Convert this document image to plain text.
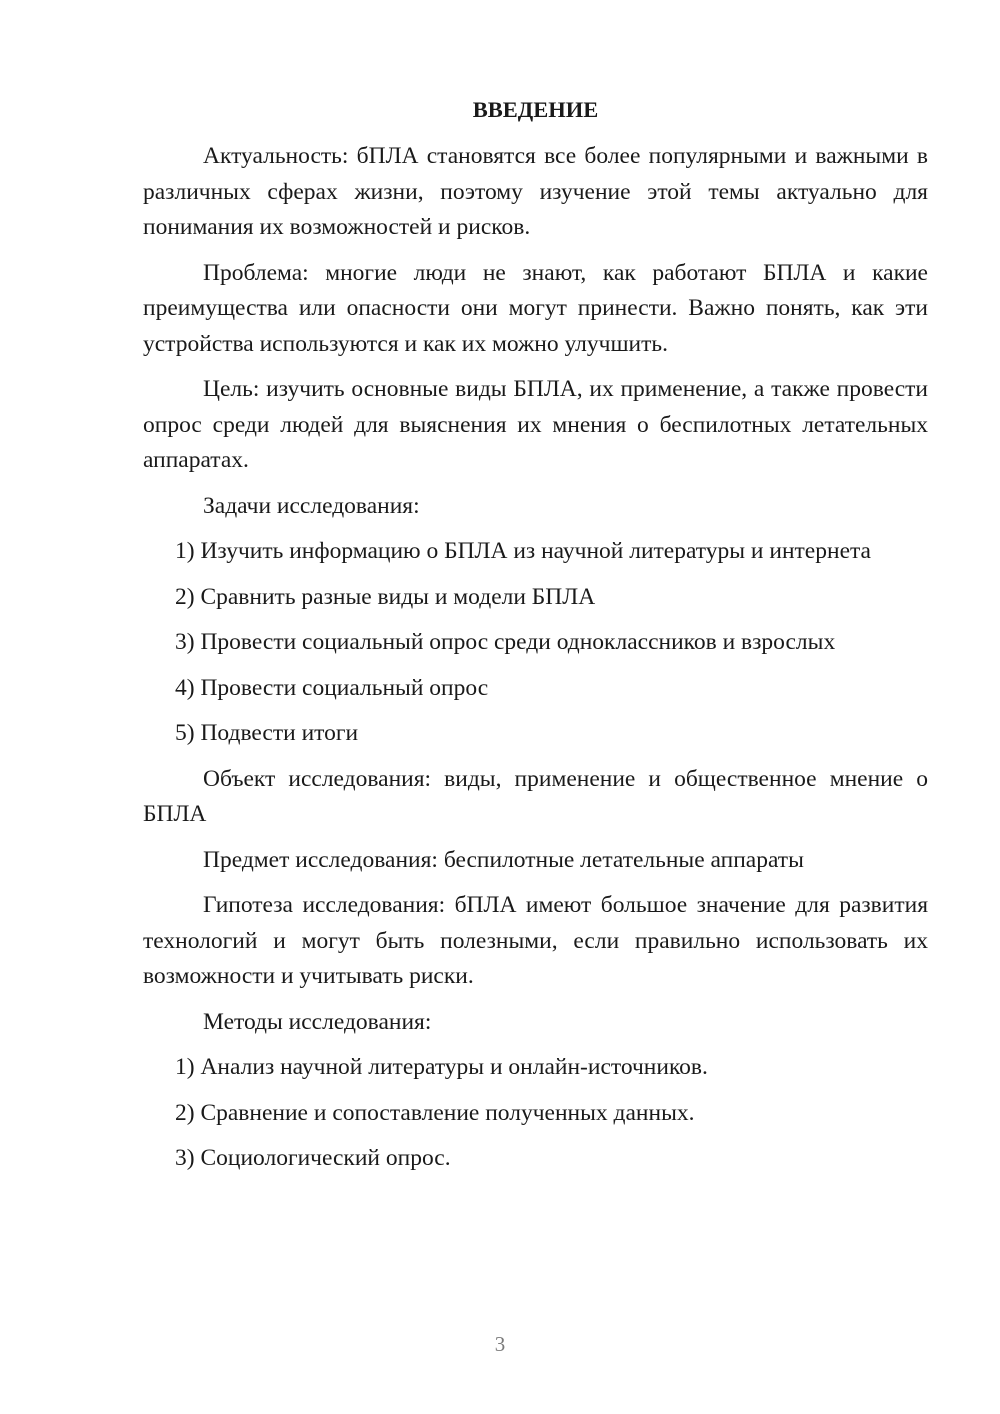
ВВЕДЕНИЕ

Актуальность: бПЛА становятся все более популярными и важными в различных сферах жизни, поэтому изучение этой темы актуально для понимания их возможностей и рисков.

Проблема: многие люди не знают, как работают БПЛА и какие преимущества или опасности они могут принести. Важно понять, как эти устройства используются и как их можно улучшить.

Цель: изучить основные виды БПЛА, их применение, а также провести опрос среди людей для выяснения их мнения о беспилотных летательных аппаратах.

Задачи исследования:

1) Изучить информацию о БПЛА из научной литературы и интернета
2) Сравнить разные виды и модели БПЛА
3) Провести социальный опрос среди одноклассников и взрослых
4) Провести социальный опрос
5) Подвести итоги

Объект исследования: виды, применение и общественное мнение о БПЛА

Предмет исследования: беспилотные летательные аппараты

Гипотеза исследования: бПЛА имеют большое значение для развития технологий и могут быть полезными, если правильно использовать их возможности и учитывать риски.

Методы исследования:

1) Анализ научной литературы и онлайн-источников.
2) Сравнение и сопоставление полученных данных.
3) Социологический опрос.
3
